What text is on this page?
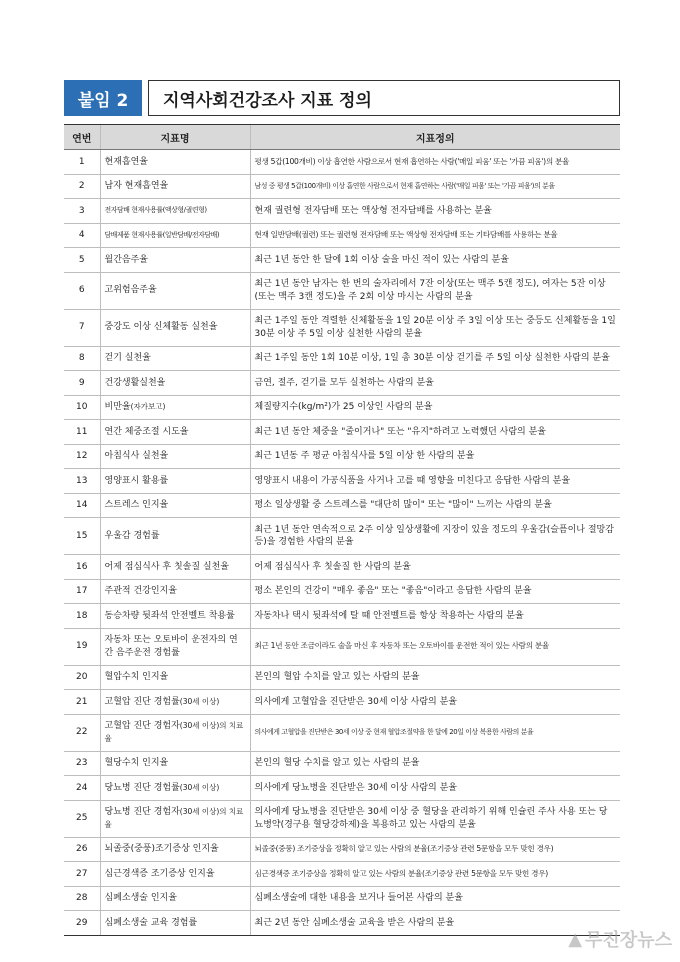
붙임 2	지역사회건강조사 지표 정의
연번	지표명	지표정의
1	현재흡연율	평생 5갑(100개비) 이상 흡연한 사람으로서 현재 흡연하는 사람('매일 피움' 또는 '가끔 피움')의 분율
2	남자 현재흡연율	남성 중 평생 5갑(100개비) 이상 흡연한 사람으로서 현재 흡연하는 사람('매일 피움' 또는 '가끔 피움')의 분율
3	전자담배 현재사용률(액상형/궐련형)	현재 궐련형 전자담배 또는 액상형 전자담배를 사용하는 분율
4	담배제품 현재사용률(일반담배/전자담배)	현재 일반담배(궐련) 또는 궐련형 전자담배 또는 액상형 전자담배 또는 기타담배를 사용하는 분율
5	월간음주율	최근 1년 동안 한 달에 1회 이상 술을 마신 적이 있는 사람의 분율
6	고위험음주율	최근 1년 동안 남자는 한 번의 술자리에서 7잔 이상(또는 맥주 5캔 정도), 여자는 5잔 이상(또는 맥주 3캔 정도)을 주 2회 이상 마시는 사람의 분율
7	중강도 이상 신체활동 실천율	최근 1주일 동안 격렬한 신체활동을 1일 20분 이상 주 3일 이상 또는 중등도 신체활동을 1일 30분 이상 주 5일 이상 실천한 사람의 분율
8	걷기 실천율	최근 1주일 동안 1회 10분 이상, 1일 총 30분 이상 걷기를 주 5일 이상 실천한 사람의 분율
9	건강생활실천율	금연, 절주, 걷기를 모두 실천하는 사람의 분율
10	비만율(자가보고)	체질량지수(kg/m²)가 25 이상인 사람의 분율
11	연간 체중조절 시도율	최근 1년 동안 체중을 "줄이거나" 또는 "유지"하려고 노력했던 사람의 분율
12	아침식사 실천율	최근 1년동 주 평균 아침식사를 5일 이상 한 사람의 분율
13	영양표시 활용률	영양표시 내용이 가공식품을 사거나 고를 때 영향을 미친다고 응답한 사람의 분율
14	스트레스 인지율	평소 일상생활 중 스트레스를 "대단히 많이" 또는 "많이" 느끼는 사람의 분율
15	우울감 경험률	최근 1년 동안 연속적으로 2주 이상 일상생활에 지장이 있을 정도의 우울감(슬픔이나 절망감 등)을 경험한 사람의 분율
16	어제 점심식사 후 칫솔질 실천율	어제 점심식사 후 칫솔질 한 사람의 분율
17	주관적 건강인지율	평소 본인의 건강이 "매우 좋음" 또는 "좋음"이라고 응답한 사람의 분율
18	동승차량 뒷좌석 안전벨트 착용률	자동차나 택시 뒷좌석에 탈 때 안전벨트를 항상 착용하는 사람의 분율
19	자동차 또는 오토바이 운전자의 연간 음주운전 경험률	최근 1년 동안 조금이라도 술을 마신 후 자동차 또는 오토바이를 운전한 적이 있는 사람의 분율
20	혈압수치 인지율	본인의 혈압 수치를 알고 있는 사람의 분율
21	고혈압 진단 경험률(30세 이상)	의사에게 고혈압을 진단받은 30세 이상 사람의 분율
22	고혈압 진단 경험자(30세 이상)의 치료율	의사에게 고혈압을 진단받은 30세 이상 중 현재 혈압조절약을 한 달에 20일 이상 복용한 사람의 분율
23	혈당수치 인지율	본인의 혈당 수치를 알고 있는 사람의 분율
24	당뇨병 진단 경험률(30세 이상)	의사에게 당뇨병을 진단받은 30세 이상 사람의 분율
25	당뇨병 진단 경험자(30세 이상)의 치료율	의사에게 당뇨병을 진단받은 30세 이상 중 혈당을 관리하기 위해 인슐린 주사 사용 또는 당뇨병약(경구용 혈당강하제)을 복용하고 있는 사람의 분율
26	뇌졸중(중풍)조기증상 인지율	뇌졸중(중풍) 조기증상을 정확히 알고 있는 사람의 분율(조기증상 관련 5문항을 모두 맞힌 경우)
27	심근경색증 조기증상 인지율	심근경색증 조기증상을 정확히 알고 있는 사람의 분율(조기증상 관련 5문항을 모두 맞힌 경우)
28	심폐소생술 인지율	심폐소생술에 대한 내용을 보거나 들어본 사람의 분율
29	심폐소생술 교육 경험률	최근 2년 동안 심폐소생술 교육을 받은 사람의 분율
▲ 무진장뉴스
